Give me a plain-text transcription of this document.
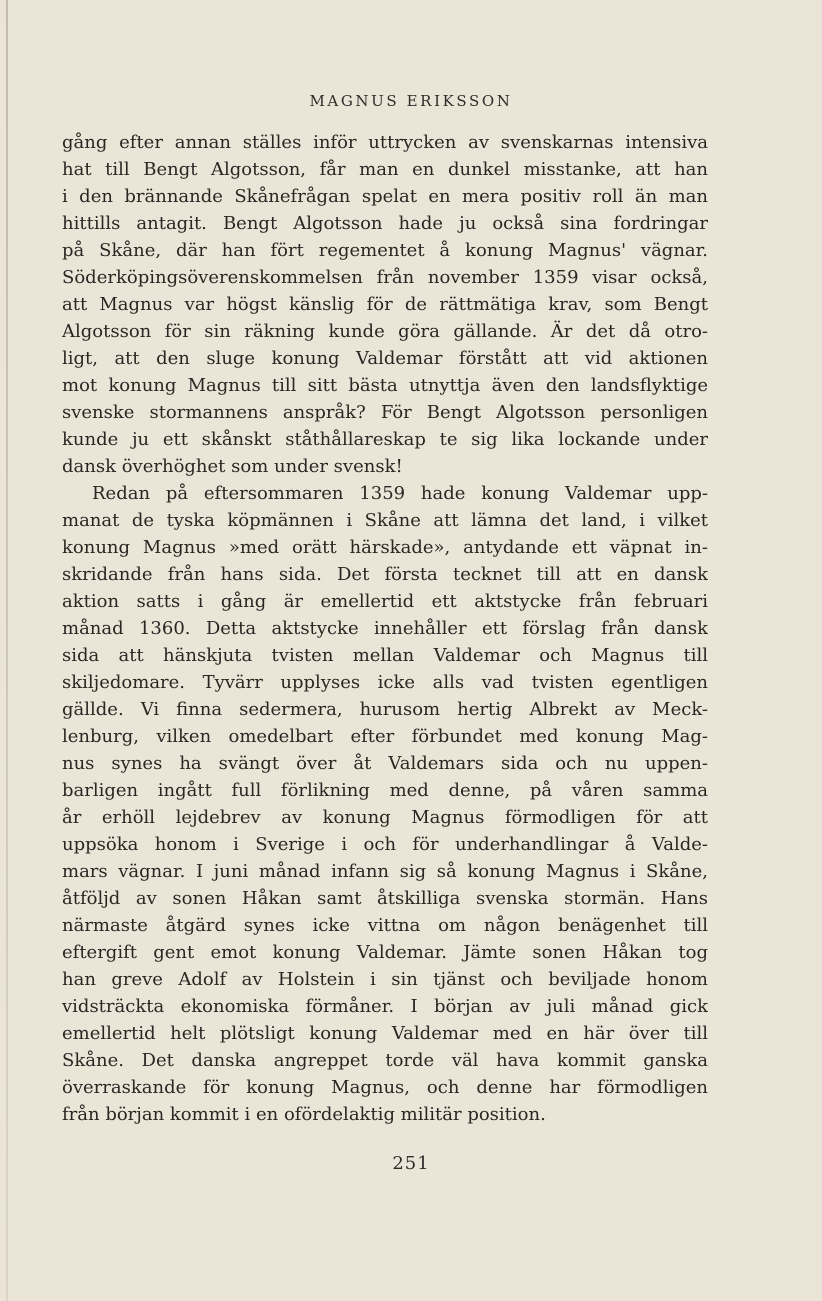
MAGNUS ERIKSSON
gång efter annan ställes inför uttrycken av svenskarnas intensiva
hat till Bengt Algotsson, får man en dunkel misstanke, att han
i den brännande Skånefrågan spelat en mera positiv roll än man
hittills antagit. Bengt Algotsson hade ju också sina fordringar
på Skåne, där han fört regementet å konung Magnus' vägnar.
Söderköpingsöverenskommelsen från november 1359 visar också,
att Magnus var högst känslig för de rättmätiga krav, som Bengt
Algotsson för sin räkning kunde göra gällande. Är det då otro-
ligt, att den sluge konung Valdemar förstått att vid aktionen
mot konung Magnus till sitt bästa utnyttja även den landsflyktige
svenske stormannens anspråk? För Bengt Algotsson personligen
kunde ju ett skånskt ståthållareskap te sig lika lockande under
dansk överhöghet som under svensk!
Redan på eftersommaren 1359 hade konung Valdemar upp-
manat de tyska köpmännen i Skåne att lämna det land, i vilket
konung Magnus »med orätt härskade», antydande ett väpnat in-
skridande från hans sida. Det första tecknet till att en dansk
aktion satts i gång är emellertid ett aktstycke från februari
månad 1360. Detta aktstycke innehåller ett förslag från dansk
sida att hänskjuta tvisten mellan Valdemar och Magnus till
skiljedomare. Tyvärr upplyses icke alls vad tvisten egentligen
gällde. Vi finna sedermera, hurusom hertig Albrekt av Meck-
lenburg, vilken omedelbart efter förbundet med konung Mag-
nus synes ha svängt över åt Valdemars sida och nu uppen-
barligen ingått full förlikning med denne, på våren samma
år erhöll lejdebrev av konung Magnus förmodligen för att
uppsöka honom i Sverige i och för underhandlingar å Valde-
mars vägnar. I juni månad infann sig så konung Magnus i Skåne,
åtföljd av sonen Håkan samt åtskilliga svenska stormän. Hans
närmaste åtgärd synes icke vittna om någon benägenhet till
eftergift gent emot konung Valdemar. Jämte sonen Håkan tog
han greve Adolf av Holstein i sin tjänst och beviljade honom
vidsträckta ekonomiska förmåner. I början av juli månad gick
emellertid helt plötsligt konung Valdemar med en här över till
Skåne. Det danska angreppet torde väl hava kommit ganska
överraskande för konung Magnus, och denne har förmodligen
från början kommit i en ofördelaktig militär position.
251
